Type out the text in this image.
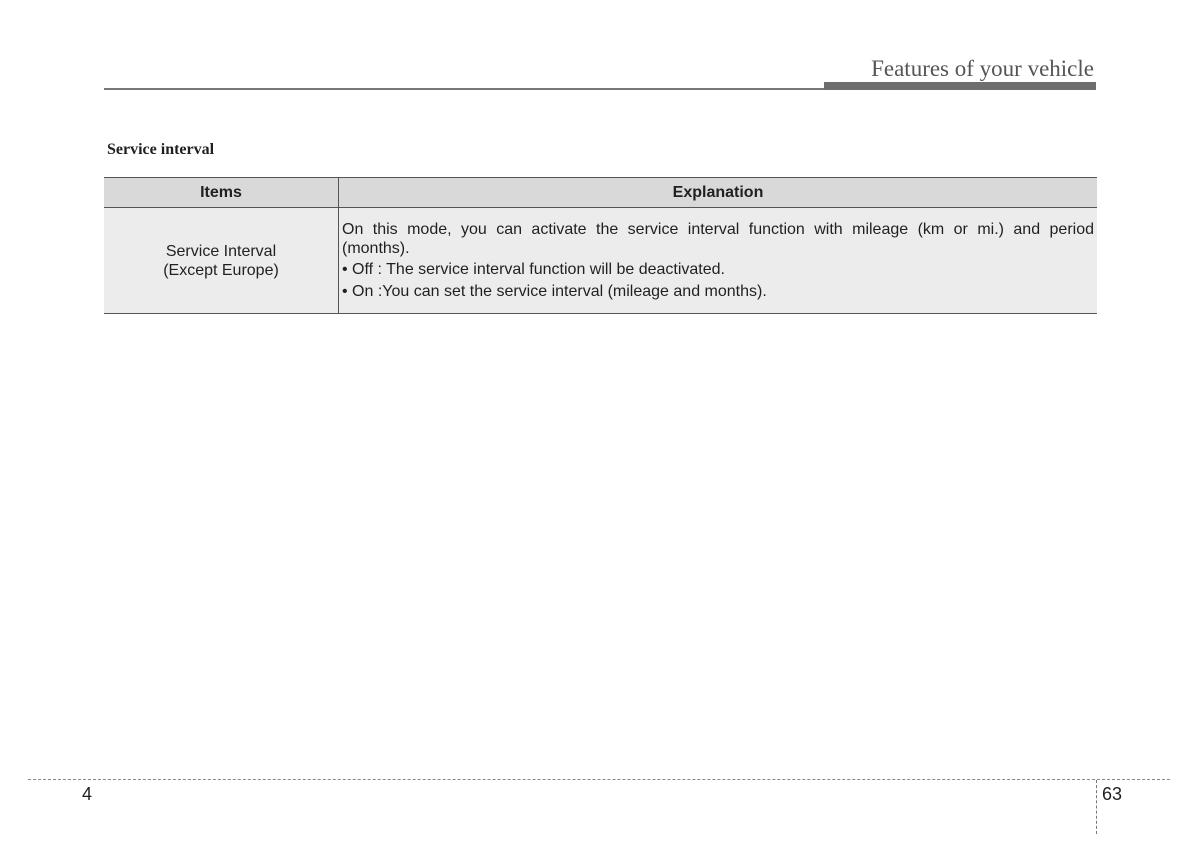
Features of your vehicle
Service interval
Items	Explanation

Service Interval
(Except Europe)	On this mode, you can activate the service interval function with mileage (km or mi.) and period
(months).
• Off : The service interval function will be deactivated.
• On :You can set the service interval (mileage and months).
4	63
